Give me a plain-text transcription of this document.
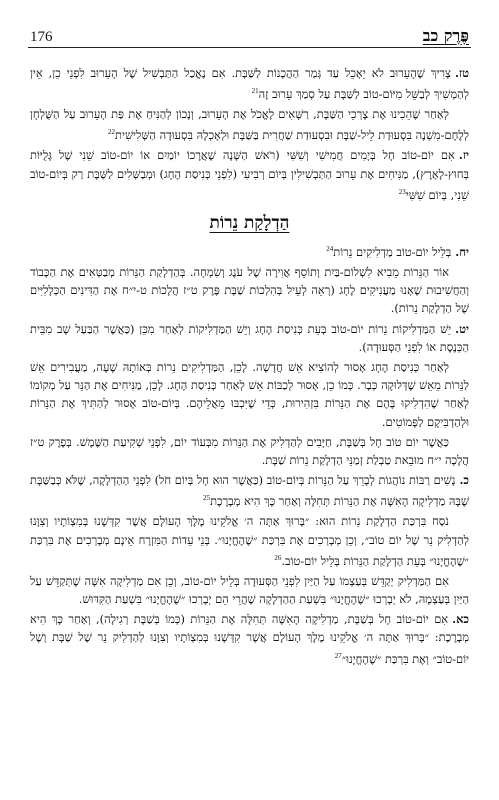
176	פֶּרֶק כב

טז.צָרִיךְ שֶׁהָעֵרוּב לֹא יֵאָכֵל עַד גְּמַר הַהֲכָנוֹת לַשַּׁבָּת. אִם נֶאֱכַל הַתַּבְשִׁיל שֶׁל הָעֵרוּב לִפְנֵי כֵן, אֵין לְהַמְשִׁיךְ לְבַשֵּׁל מִיּוֹם-טוֹב לַשַּׁבָּת עַל סְמַךְ עֵרוּב זֶה$^{21}$

לְאַחַר שֶׁהֵכִינוּ אֶת צָרְכֵי הַשַּׁבָּת, רַשָּׁאִים לֶאֱכֹל אֶת הָעֵרוּב, וְנָכוֹן לְהַנִּיחַ אֶת פַּת הָעֵרוּב עַל הַשֻּׁלְחָן לְלֶחֶם-מִשְׁנֶה בִּסְעוּדַת לֵיל-שַׁבָּת וּבִסְעוּדַת שַׁחֲרִית בַּשַּׁבָּת וּלְאָכְלָהּ בִּסְעוּדָה הַשְּׁלִישִׁית$^{22}$

יז.אִם יוֹם-טוֹב חָל בְּיָמִים חֲמִישִׁי וְשִׁשִּׁי (רֹאשׁ הַשָּׁנָה שֶׁאֲרָכוֹ יוֹמַיִם אוֹ יוֹם-טוֹב שֵׁנִי שֶׁל גָּלֻיּוֹת בְּחוּץ-לָאָרֶץ), מַנִּיחִים אֶת עֵרוּב הַתַּבְשִׁילִין בְּיוֹם רְבִיעִי (לִפְנֵי כְּנִיסַת הֶחָג) וּמְבַשְּׁלִים לַשַּׁבָּת רַק בְּיוֹם-טוֹב שֵׁנִי, בְּיוֹם שִׁשִּׁי$^{23}$

הַדְלָקַת נֵרוֹת

יח.בְּלֵיל יוֹם-טוֹב מַדְלִיקִים נֵרוֹת$^{24}$

אוֹר הַנֵּרוֹת מֵבִיא לִשְׁלוֹם-בַּיִת וְתוֹסֵף אֲוִירָה שֶׁל עֹנֶג וְשִׂמְחָה. בְּהַדְלָקַת הַנֵּרוֹת מְבַטְּאִים אֶת הַכָּבוֹד וְהַחֲשִׁיבוּת שֶׁאָנוּ מַעֲנִיקִים לֶחָג (רְאֵה לְעֵיל בְּהִלְכוֹת שַׁבָּת פֶּרֶק ט״ז הֲלָכוֹת ט-י״ח אֶת הַדִּינִים הַכְּלָלִיִּים שֶׁל הַדְלָקַת נֵרוֹת).

יט.יֵשׁ הַמַּדְלִיקוֹת נֵרוֹת יוֹם-טוֹב בְּעֵת כְּנִיסַת הֶחָג וְיֵשׁ הַמַּדְלִיקוֹת לְאַחַר מִכֵּן (כַּאֲשֶׁר הַבַּעַל שָׁב מִבֵּית הַכְּנֶסֶת אוֹ לִפְנֵי הַסְּעוּדָה).

לְאַחַר כְּנִיסַת הֶחָג אָסוּר לְהוֹצִיא אֵשׁ חֲדָשָׁה. לָכֵן, הַמַּדְלִיקִים נֵרוֹת בְּאוֹתָהּ שָׁעָה, מַעֲבִירִים אֵשׁ לַנֵּרוֹת מֵאֵשׁ שֶׁדְּלוּקָה כְּבָר. כְּמוֹ כֵן, אָסוּר לְכַבּוֹת אֵשׁ לְאַחַר כְּנִיסַת הֶחָג. לָכֵן, מַנִּיחִים אֶת הַנֵּר עַל מְקוֹמוֹ לְאַחַר שֶׁהִדְלִיקוּ בָּהֶם אֶת הַנֵּרוֹת בִּזְהִירוּת, כְּדֵי שֶׁיִּכְבּוּ מֵאֲלֵיהֶם. בְּיוֹם-טוֹב אָסוּר לְהַתִּיךְ אֶת הַנֵּרוֹת וּלְהַדְבִּיקָם לַפָּמוֹטִים.

כַּאֲשֶׁר יוֹם טוֹב חָל בְּשַׁבָּת, חַיָּבִים לְהַדְלִיק אֶת הַנֵּרוֹת מִבְּעוֹד יוֹם, לִפְנֵי שְׁקִיעַת הַשֶּׁמֶשׁ. בְּפֶרֶק ט״ז הֲלָכָה י״ח מוּבֵאת טַבְלַת זְמַנֵּי הַדְלָקַת נֵרוֹת שַׁבָּת.

כ.נָשִׁים רַבּוֹת נוֹהֲגוֹת לְבָרֵךְ עַל הַנֵּרוֹת בְּיוֹם-טוֹב (כַּאֲשֶׁר הוּא חָל בְּיוֹם חֹל) לִפְנֵי הַהַדְלָקָה, שֶׁלֹּא כְּבַשַּׁבָּת שֶׁבָּהּ מַדְלִיקָה הָאִשָּׁה אֶת הַנֵּרוֹת תְּחִלָּה וְאַחַר כָּךְ הִיא מְבָרֶכֶת$^{25}$

נֹסַח בִּרְכַּת הַדְלָקַת נֵרוֹת הוּא: ״בָּרוּךְ אַתָּה ה׳ אֱלֹקֵינוּ מֶלֶךְ הָעוֹלָם אֲשֶׁר קִדְּשָׁנוּ בְּמִצְוֹתָיו וְצִוָּנוּ לְהַדְלִיק נֵר שֶׁל יוֹם טוֹב״, וְכֵן מְבָרְכִים אֶת בִּרְכַּת ״שֶׁהֶחֱיָנוּ״. בְּנֵי עֵדוֹת הַמִּזְרָח אֵינָם מְבָרְכִים אֶת בִּרְכַּת ״שֶׁהֶחֱיָנוּ״ בְּעֵת הַדְלָקַת הַנֵּרוֹת בְּלֵיל יוֹם-טוֹב.$^{26}$

אִם הַמַּדְלִיק יְקַדֵּשׁ בְּעַצְמוֹ עַל הַיַּיִן לִפְנֵי הַסְּעוּדָה בְּלֵיל יוֹם-טוֹב, וְכֵן אִם מַדְלִיקָה אִשָּׁה שֶׁתְּקַדֵּשׁ עַל הַיַּיִן בְּעַצְמָהּ, לֹא יְבָרְכוּ ״שֶׁהֶחֱיָנוּ״ בִּשְׁעַת הַהַדְלָקָה שֶׁהֲרֵי הֵם יְבָרְכוּ ״שֶׁהֶחֱיָנוּ״ בִּשְׁעַת הַקִּדּוּשׁ.

כא.אִם יוֹם-טוֹב חָל בְּשַׁבָּת, מַדְלִיקָה הָאִשָּׁה תְּחִלָּה אֶת הַנֵּרוֹת (כְּמוֹ בְּשַׁבָּת רְגִילָה), וְאַחַר כָּךְ הִיא מְבָרֶכֶת: ״בָּרוּךְ אַתָּה ה׳ אֱלֹקֵינוּ מֶלֶךְ הָעוֹלָם אֲשֶׁר קִדְּשָׁנוּ בְּמִצְוֹתָיו וְצִוָּנוּ לְהַדְלִיק נֵר שֶׁל שַׁבָּת וְשֶׁל יוֹם-טוֹב״ וְאֶת בִּרְכַּת ״שֶׁהֶחֱיָנוּ״$^{27}$
